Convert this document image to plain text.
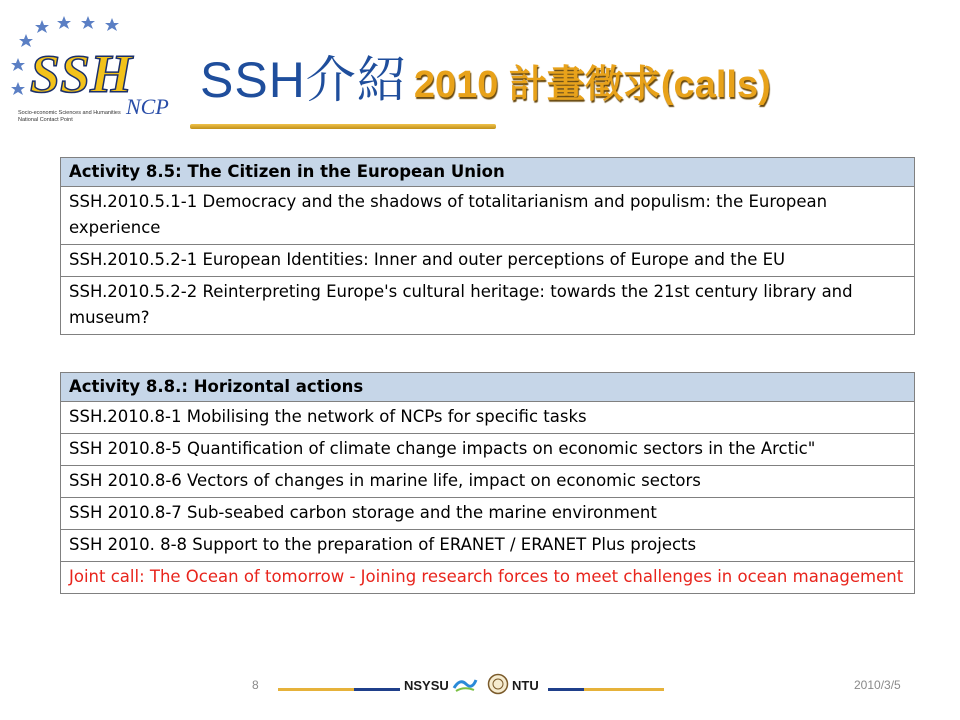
SSH
NCP
Socio-economic Sciences and Humanities
National Contact Point
SSH介紹 2010 計畫徵求(calls)
Activity 8.5: The Citizen in the European Union
SSH.2010.5.1-1 Democracy and the shadows of totalitarianism and populism: the European experience
SSH.2010.5.2-1 European Identities: Inner and outer perceptions of Europe and the EU
SSH.2010.5.2-2 Reinterpreting Europe's cultural heritage: towards the 21st century library and museum?
Activity 8.8.: Horizontal actions
SSH.2010.8-1 Mobilising the network of NCPs for specific tasks
SSH 2010.8-5 Quantification of climate change impacts on economic sectors in the Arctic"
SSH 2010.8-6 Vectors of changes in marine life, impact on economic sectors
SSH 2010.8-7 Sub-seabed carbon storage and the marine environment
SSH 2010. 8-8 Support to the preparation of ERANET / ERANET Plus projects
Joint call: The Ocean of tomorrow - Joining research forces to meet challenges in ocean management
8	NSYSU	NTU	2010/3/5
